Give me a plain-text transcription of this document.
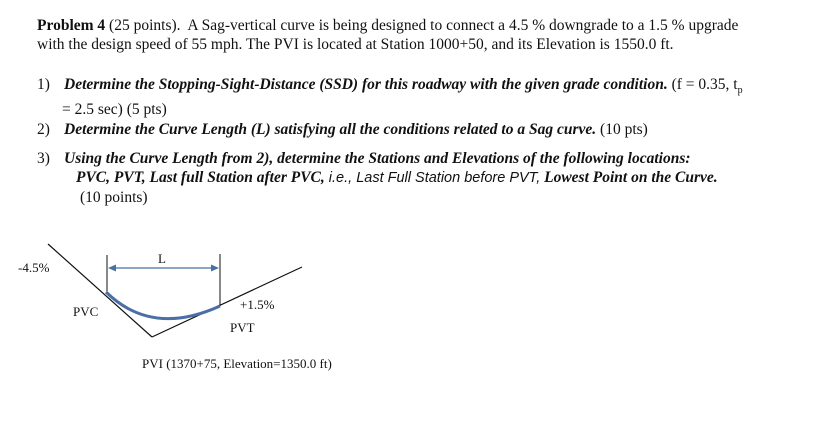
Problem 4 (25 points). A Sag-vertical curve is being designed to connect a 4.5 % downgrade to a 1.5 % upgrade
with the design speed of 55 mph. The PVI is located at Station 1000+50, and its Elevation is 1550.0 ft.
1) Determine the Stopping-Sight-Distance (SSD) for this roadway with the given grade condition. (f = 0.35, $t_p$
= 2.5 sec) (5 pts)
2) Determine the Curve Length (L) satisfying all the conditions related to a Sag curve. (10 pts)
3) Using the Curve Length from 2), determine the Stations and Elevations of the following locations:
PVC, PVT, Last full Station after PVC, i.e., Last Full Station before PVT, Lowest Point on the Curve.
(10 points)
-4.5%
L
+1.5%
PVC
PVT
PVI (1370+75, Elevation=1350.0 ft)
